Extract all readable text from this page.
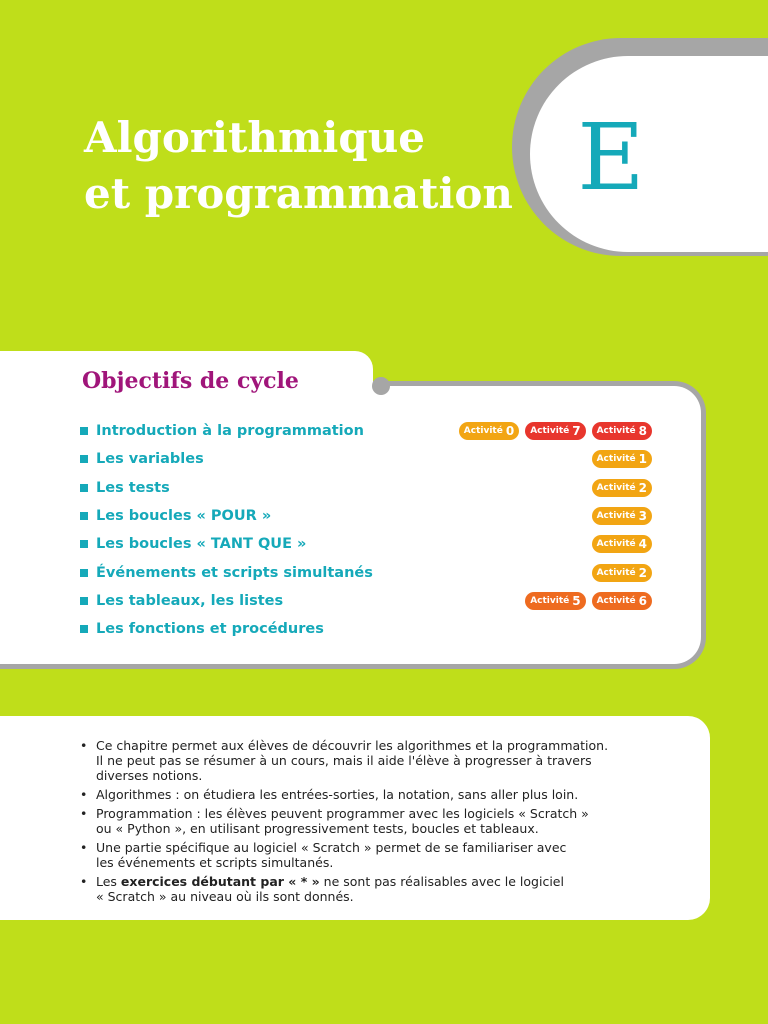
Algorithmique
et programmation E
Objectifs de cycle
Introduction à la programmation	Activité 0 Activité 7 Activité 8
Les variables	Activité 1
Les tests	Activité 2
Les boucles « POUR »	Activité 3
Les boucles « TANT QUE »	Activité 4
Événements et scripts simultanés	Activité 2
Les tableaux, les listes	Activité 5 Activité 6
Les fonctions et procédures
• Ce chapitre permet aux élèves de découvrir les algorithmes et la programmation.
Il ne peut pas se résumer à un cours, mais il aide l'élève à progresser à travers
diverses notions.
• Algorithmes : on étudiera les entrées-sorties, la notation, sans aller plus loin.
• Programmation : les élèves peuvent programmer avec les logiciels « Scratch »
ou « Python », en utilisant progressivement tests, boucles et tableaux.
• Une partie spécifique au logiciel « Scratch » permet de se familiariser avec
les événements et scripts simultanés.
• Les exercices débutant par « * » ne sont pas réalisables avec le logiciel
« Scratch » au niveau où ils sont donnés.
